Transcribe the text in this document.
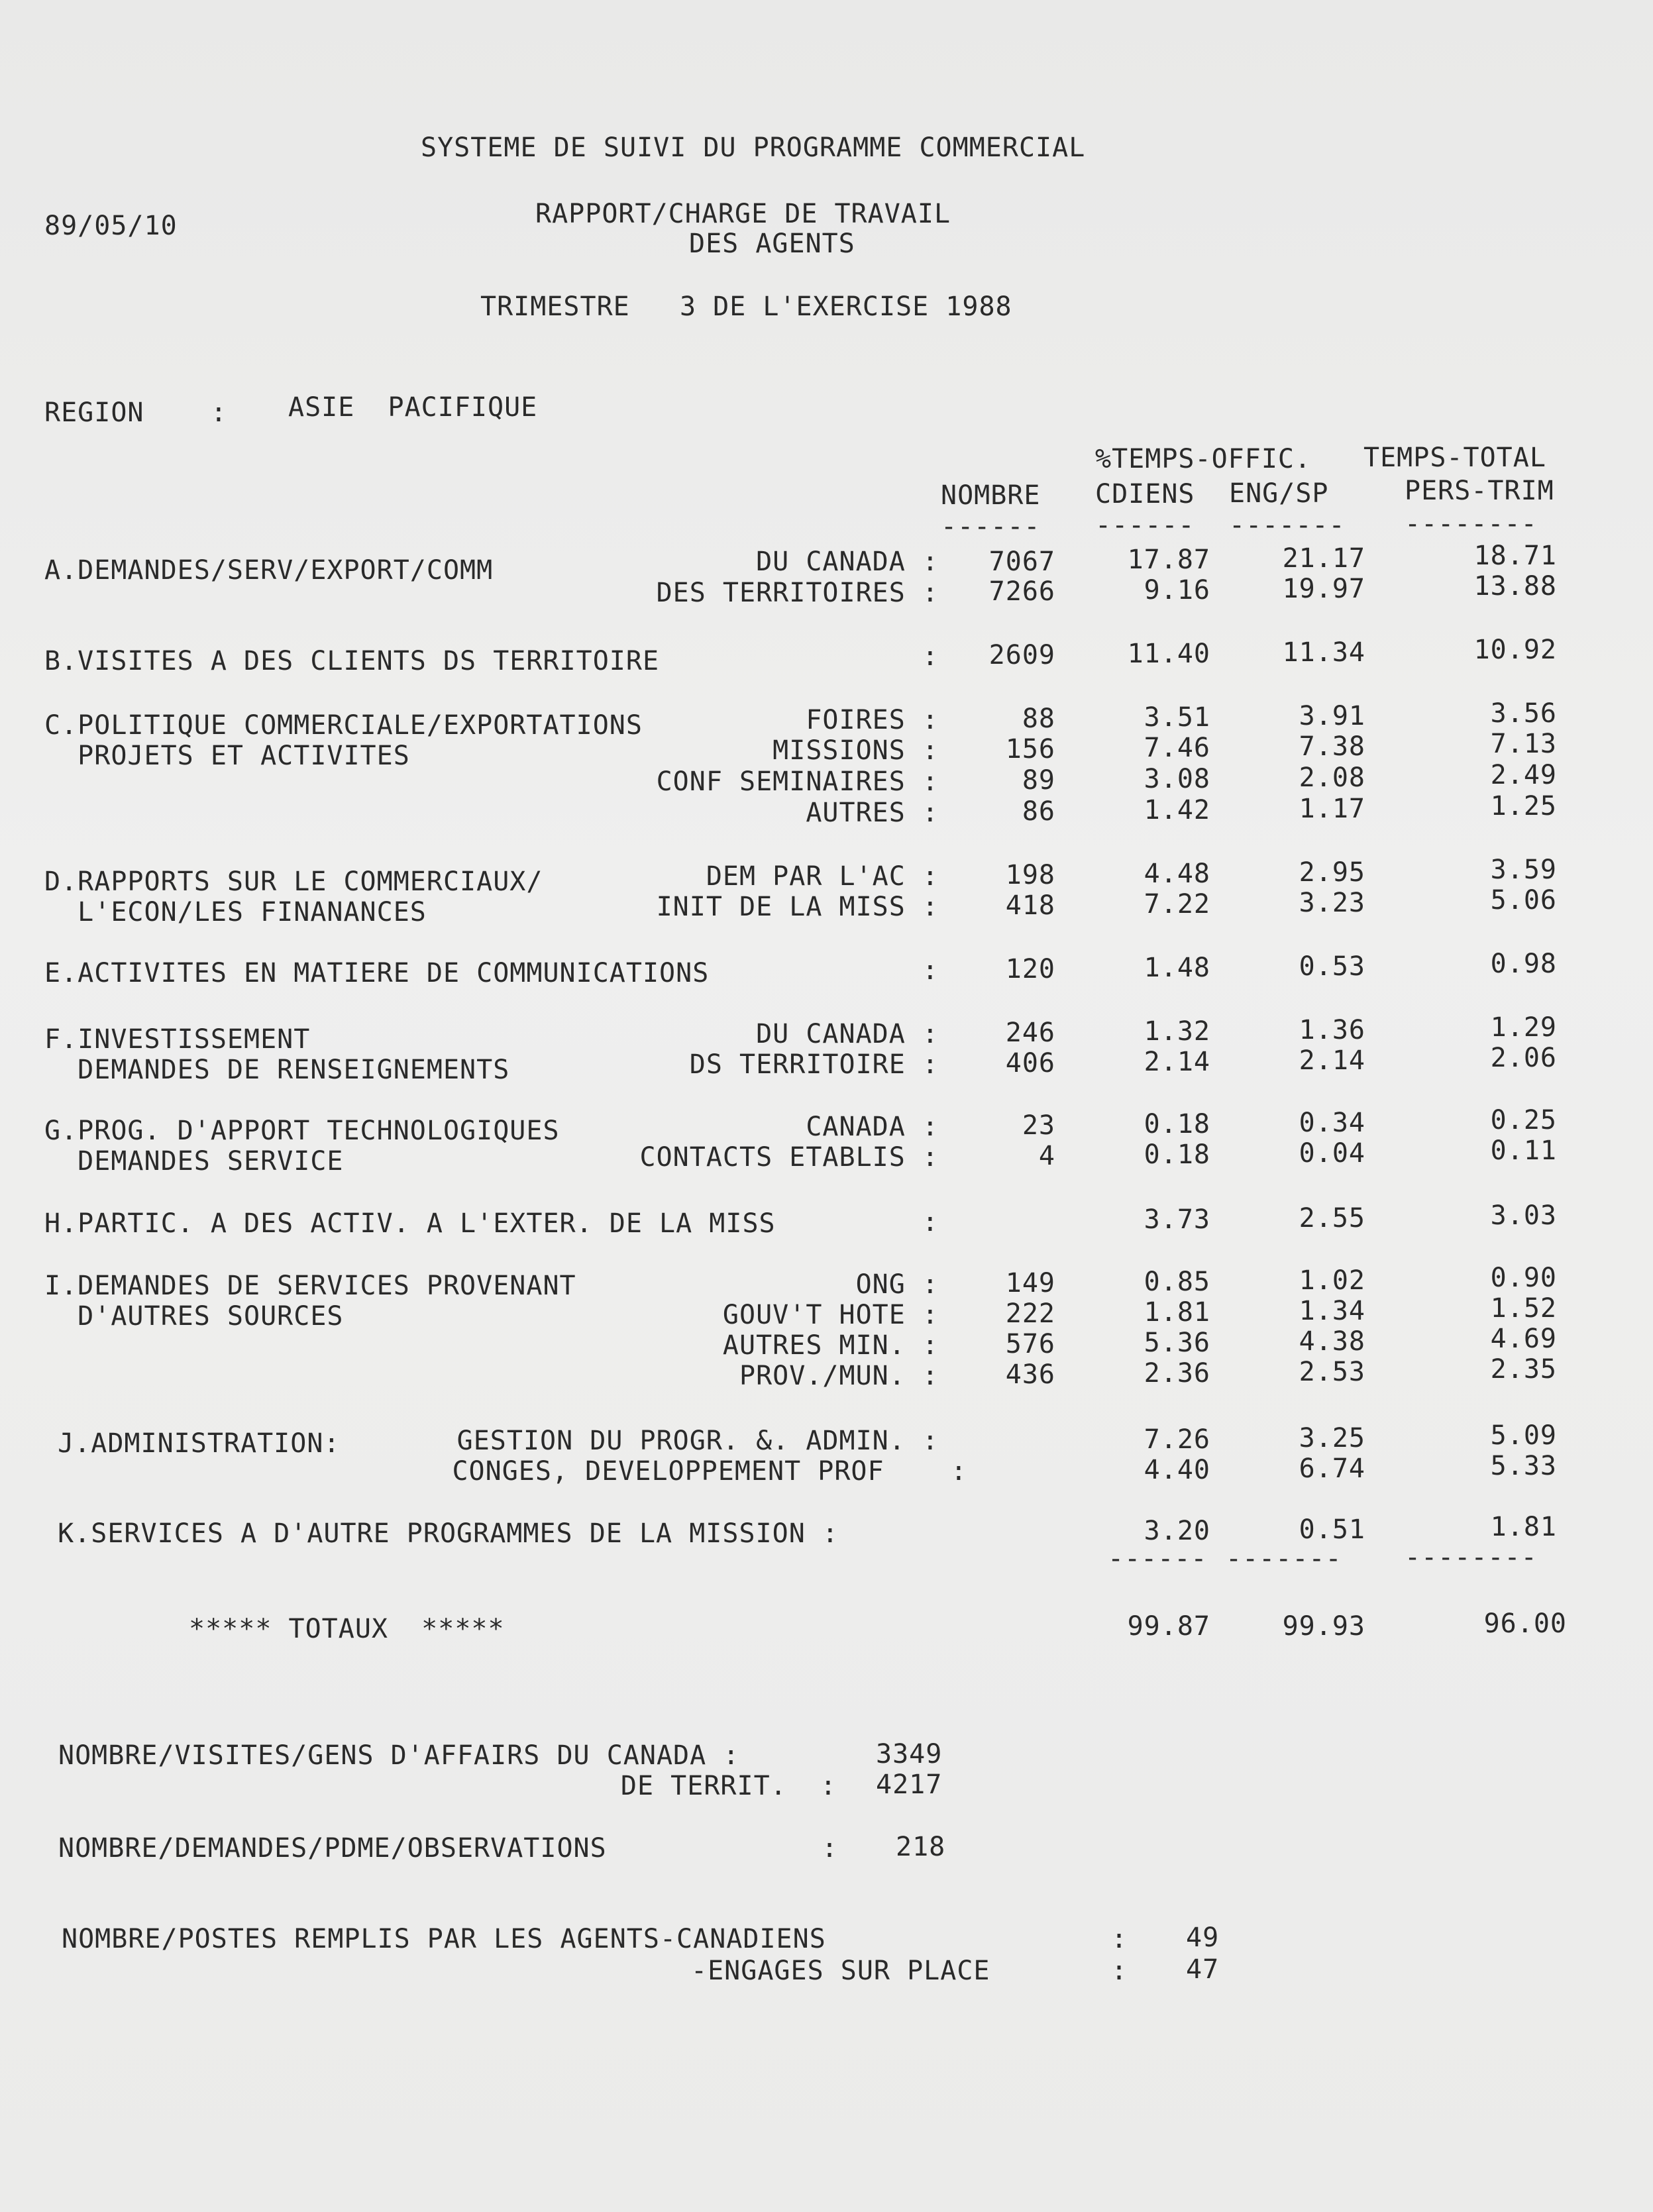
SYSTEME DE SUIVI DU PROGRAMME COMMERCIAL
89/05/10	RAPPORT/CHARGE DE TRAVAIL
DES AGENTS
TRIMESTRE   3 DE L'EXERCISE 1988
REGION    : ASIE  PACIFIQUE
%TEMPS-OFFIC. TEMPS-TOTAL
NOMBRE CDIENS ENG/SP	PERS-TRIM
------ ------ ------- --------
A.DEMANDES/SERV/EXPORT/COMM	DU CANADA : 7067	17.87	21.17	18.71
DES TERRITOIRES : 7266	9.16	19.97	13.88
B.VISITES A DES CLIENTS DS TERRITOIRE	: 2609	11.40	11.34	10.92
C.POLITIQUE COMMERCIALE/EXPORTATIONS	FOIRES :	88	3.51	3.91	3.56
PROJETS ET ACTIVITES	MISSIONS :	156	7.46	7.38	7.13
CONF SEMINAIRES :	89	3.08	2.08	2.49
AUTRES :	86	1.42	1.17	1.25
D.RAPPORTS SUR LE COMMERCIAUX/	DEM PAR L'AC :	198	4.48	2.95	3.59
L'ECON/LES FINANANCES	INIT DE LA MISS :	418	7.22	3.23	5.06
E.ACTIVITES EN MATIERE DE COMMUNICATIONS	:	120	1.48	0.53	0.98
F.INVESTISSEMENT	DU CANADA :	246	1.32	1.36	1.29
DEMANDES DE RENSEIGNEMENTS	DS TERRITOIRE :	406	2.14	2.14	2.06
G.PROG. D'APPORT TECHNOLOGIQUES	CANADA :	23	0.18	0.34	0.25
DEMANDES SERVICE	CONTACTS ETABLIS :	4	0.18	0.04	0.11
H.PARTIC. A DES ACTIV. A L'EXTER. DE LA MISS	:	3.73	2.55	3.03
I.DEMANDES DE SERVICES PROVENANT	ONG :	149	0.85	1.02	0.90
D'AUTRES SOURCES	GOUV'T HOTE :	222	1.81	1.34	1.52
AUTRES MIN. :	576	5.36	4.38	4.69
PROV./MUN. :	436	2.36	2.53	2.35
J.ADMINISTRATION:	GESTION DU PROGR. &. ADMIN. :	7.26	3.25	5.09
CONGES, DEVELOPPEMENT PROF    :	4.40	6.74	5.33
K.SERVICES A D'AUTRE PROGRAMMES DE LA MISSION :	3.20	0.51	1.81
------ ------- --------
***** TOTAUX  *****	99.87	99.93	96.00
NOMBRE/VISITES/GENS D'AFFAIRS DU CANADA :	3349
DE TERRIT.  : 4217
NOMBRE/DEMANDES/PDME/OBSERVATIONS	: 218
NOMBRE/POSTES REMPLIS PAR LES AGENTS-CANADIENS	: 49
-ENGAGES SUR PLACE	: 47
